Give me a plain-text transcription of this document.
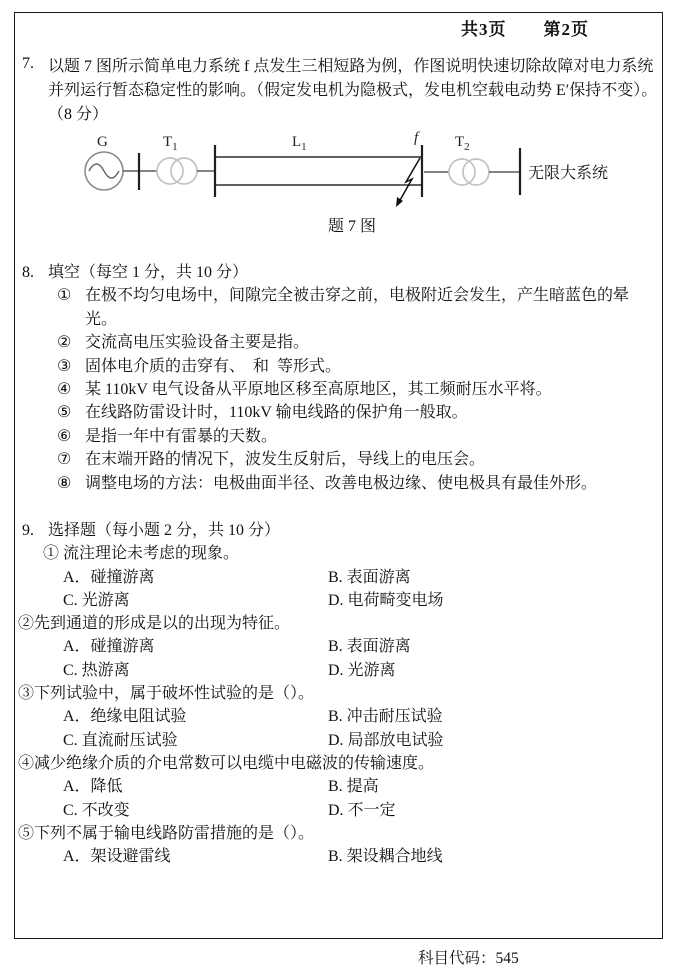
共3页 第2页
7. 以题 7 图所示简单电力系统 f 点发生三相短路为例，作图说明快速切除故障对电力系统并列运行暂态稳定性的影响。（假定发电机为隐极式，发电机空载电动势 E′保持不变）。（8 分）
G	$T_1$	$L_1$
f $T_2$
无限大系统
题 7 图
8. 填空（每空 1 分，共 10 分）
① 在极不均匀电场中，间隙完全被击穿之前，电极附近会发生，产生暗蓝色的晕光。
② 交流高电压实验设备主要是指。
③ 固体电介质的击穿有、  和  等形式。
④ 某 110kV 电气设备从平原地区移至高原地区，其工频耐压水平将。
⑤ 在线路防雷设计时，110kV 输电线路的保护角一般取。
⑥ 是指一年中有雷暴的天数。
⑦ 在末端开路的情况下，波发生反射后，导线上的电压会。
⑧ 调整电场的方法：电极曲面半径、改善电极边缘、使电极具有最佳外形。
9. 选择题（每小题 2 分，共 10 分）
① 流注理论未考虑的现象。
A．碰撞游离	B. 表面游离
C. 光游离	D. 电荷畸变电场
②先到通道的形成是以的出现为特征。
A．碰撞游离	B. 表面游离
C. 热游离	D. 光游离
③下列试验中，属于破坏性试验的是（）。
A．绝缘电阻试验	B. 冲击耐压试验
C. 直流耐压试验	D. 局部放电试验
④减少绝缘介质的介电常数可以电缆中电磁波的传输速度。
A．降低	B. 提高
C. 不改变	D. 不一定
⑤下列不属于输电线路防雷措施的是（）。
A．架设避雷线	B. 架设耦合地线
科目代码：545
